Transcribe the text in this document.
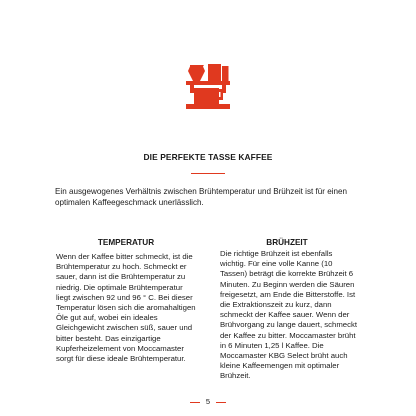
DIE PERFEKTE TASSE KAFFEE

Ein ausgewogenes Verhältnis zwischen Brühtemperatur und Brühzeit ist für einen optimalen Kaffeegeschmack unerlässlich.

TEMPERATUR

Wenn der Kaffee bitter schmeckt, ist die Brühtemperatur zu hoch. Schmeckt er sauer, dann ist die Brühtemperatur zu niedrig. Die optimale Brühtemperatur liegt zwischen 92 und 96 ° C. Bei dieser Temperatur lösen sich die aromahaltigen Öle gut auf, wobei ein ideales Gleichgewicht zwischen süß, sauer und bitter besteht. Das einzigartige Kupferheizelement von Moccamaster sorgt für diese ideale Brühtemperatur.

BRÜHZEIT

Die richtige Brühzeit ist ebenfalls wichtig. Für eine volle Kanne (10 Tassen) beträgt die korrekte Brühzeit 6 Minuten. Zu Beginn werden die Säuren freigesetzt, am Ende die Bitterstoffe. Ist die Extraktionszeit zu kurz, dann schmeckt der Kaffee sauer. Wenn der Brühvorgang zu lange dauert, schmeckt der Kaffee zu bitter. Moccamaster brüht in 6 Minuten 1,25 l Kaffee. Die Moccamaster KBG Select brüht auch kleine Kaffeemengen mit optimaler Brühzeit.

5
